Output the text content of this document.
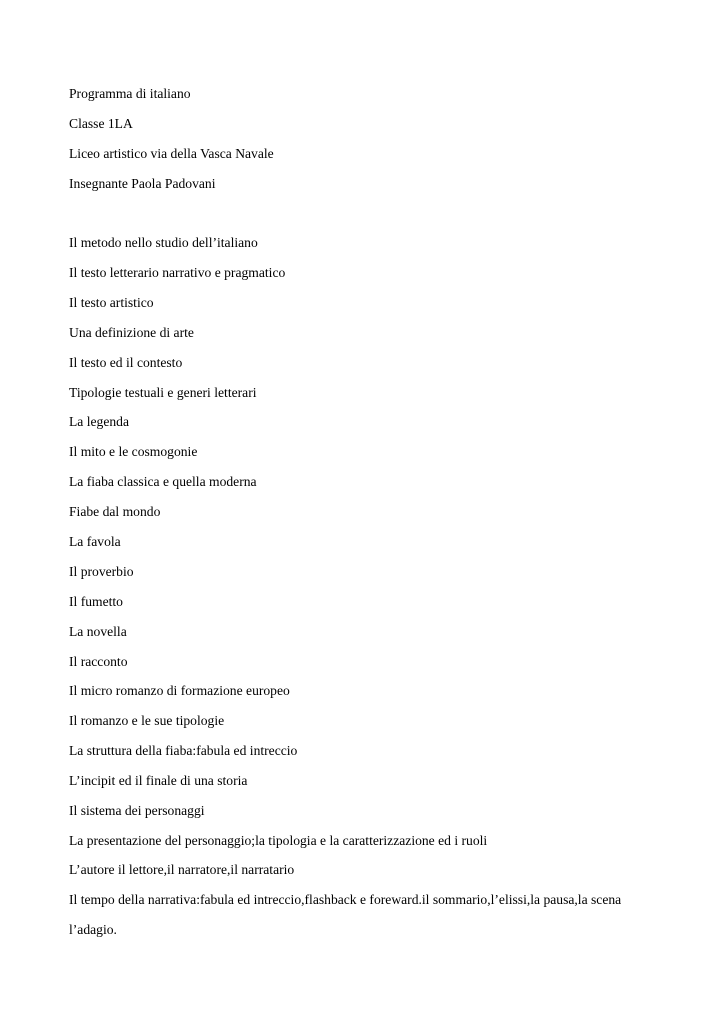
Programma di italiano
Classe 1LA
Liceo artistico via della Vasca Navale
Insegnante Paola Padovani
Il metodo nello studio dell’italiano
Il testo letterario narrativo e pragmatico
Il testo artistico
Una definizione di arte
Il testo ed il contesto
Tipologie testuali e generi letterari
La legenda
Il mito e le cosmogonie
La fiaba classica e quella moderna
Fiabe dal mondo
La favola
Il proverbio
Il fumetto
La novella
Il racconto
Il micro romanzo di formazione europeo
Il romanzo e le sue tipologie
La struttura della fiaba:fabula ed intreccio
L’incipit ed il finale di una storia
Il sistema dei personaggi
La presentazione del personaggio;la tipologia e la caratterizzazione ed i ruoli
L’autore il lettore,il narratore,il narratario
Il tempo della narrativa:fabula ed intreccio,flashback e foreward.il sommario,l’elissi,la pausa,la scena
l’adagio.
